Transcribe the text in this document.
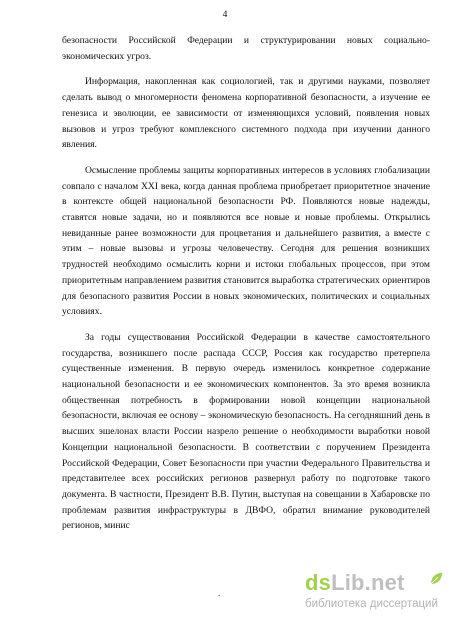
4

безопасности Российской Федерации и структурировании новых социально-экономических угроз.

Информация, накопленная как социологией, так и другими науками, позволяет сделать вывод о многомерности феномена корпоративной безопасности, а изучение ее генезиса и эволюции, ее зависимости от изменяющихся условий, появления новых вызовов и угроз требуют комплексного системного подхода при изучении данного явления.

Осмысление проблемы защиты корпоративных интересов в условиях глобализации совпало с началом XXI века, когда данная проблема приобретает приоритетное значение в контексте общей национальной безопасности РФ. Появляются новые надежды, ставятся новые задачи, но и появляются все новые и новые проблемы. Открылись невиданные ранее возможности для процветания и дальнейшего развития, а вместе с этим – новые вызовы и угрозы человечеству. Сегодня для решения возникших трудностей необходимо осмыслить корни и истоки глобальных процессов, при этом приоритетным направлением развития становится выработка стратегических ориентиров для безопасного развития России в новых экономических, политических и социальных условиях.

За годы существования Российской Федерации в качестве самостоятельного государства, возникшего после распада СССР, Россия как государство претерпела существенные изменения. В первую очередь изменилось конкретное содержание национальной безопасности и ее экономических компонентов. За это время возникла общественная потребность в формировании новой концепции национальной безопасности, включая ее основу – экономическую безопасность. На сегодняшний день в высших эшелонах власти России назрело решение о необходимости выработки новой Концепции национальной безопасности. В соответствии с поручением Президента Российской Федерации, Совет Безопасности при участии Федерального Правительства и представителее всех российских регионов развернул работу по подготовке такого документа. В частности, Президент В.В. Путин, выступая на совещании в Хабаровске по проблемам развития инфраструктуры в ДВФО, обратил внимание руководителей регионов, минис

.	dsLib.net
библиотека диссертаций
